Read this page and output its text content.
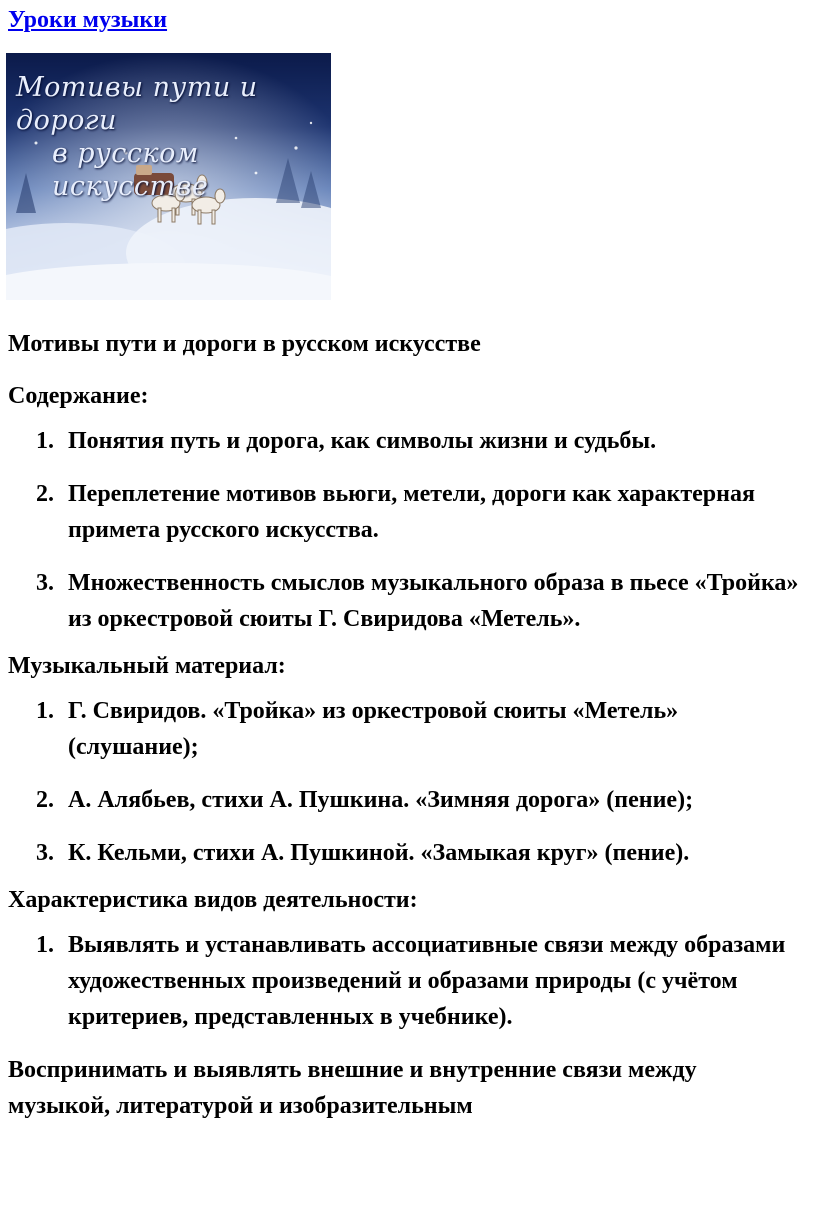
Уроки музыки
Мотивы пути и дороги
в русском искусстве

Мотивы пути и дороги в русском искусстве

Содержание:

1. Понятия путь и дорога, как символы жизни и судьбы.
2. Переплетение мотивов вьюги, метели, дороги как характерная примета русского искусства.
3. Множественность смыслов музыкального образа в пьесе «Тройка» из оркестровой сюиты Г. Свиридова «Метель».

Музыкальный материал:

1. Г. Свиридов. «Тройка» из оркестровой сюиты «Метель» (слушание);
2. А. Алябьев, стихи А. Пушкина. «Зимняя дорога» (пение);
3. К. Кельми, стихи А. Пушкиной. «Замыкая круг» (пение).

Характеристика видов деятельности:

1. Выявлять и устанавливать ассоциативные связи между образами художественных произведений и образами природы (с учётом критериев, представленных в учебнике).

Воспринимать и выявлять внешние и внутренние связи между музыкой, литературой и изобразительным
